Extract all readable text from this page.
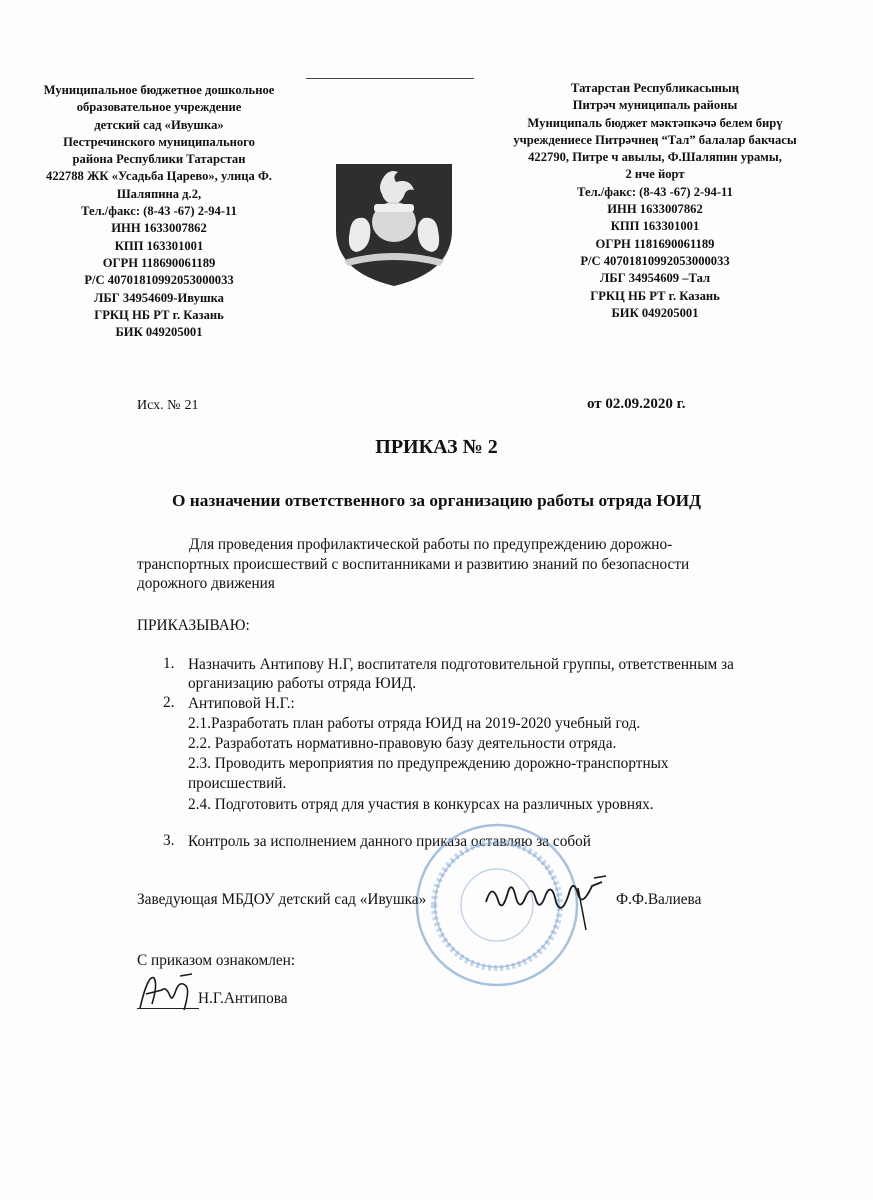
Муниципальное бюджетное дошкольное
образовательное учреждение
детский сад «Ивушка»
Пестречинского муниципального
района Республики Татарстан
422788 ЖК «Усадьба Царево», улица Ф.
Шаляпина д.2,
Тел./факс: (8-43 -67) 2-94-11
ИНН 1633007862
КПП 163301001
ОГРН 118690061189
Р/С 40701810992053000033
ЛБГ 34954609-Ивушка
ГРКЦ НБ РТ г. Казань
БИК 049205001
Татарстан Республикасының
Питрәч муниципаль районы
Муниципаль бюджет мәктәпкәчә белем бирү
учреждениесе Питрәчнең “Тал” балалар бакчасы
422790, Питре ч авылы, Ф.Шаляпин урамы,
2 нче йорт
Тел./факс: (8-43 -67) 2-94-11
ИНН 1633007862
КПП 163301001
ОГРН 1181690061189
Р/С 40701810992053000033
ЛБГ 34954609 –Тал
ГРКЦ НБ РТ г. Казань
БИК 049205001
Исх. № 21	от 02.09.2020 г.
ПРИКАЗ № 2
О назначении ответственного за организацию работы отряда ЮИД
Для проведения профилактической работы по предупреждению дорожно-
транспортных происшествий с воспитанниками и развитию знаний по безопасности
дорожного движения
ПРИКАЗЫВАЮ:
1. Назначить Антипову Н.Г, воспитателя подготовительной группы, ответственным за
организацию работы отряда ЮИД.
2. Антиповой Н.Г.:
2.1.Разработать план работы отряда ЮИД на 2019-2020 учебный год.
2.2. Разработать нормативно-правовую базу деятельности отряда.
2.3. Проводить мероприятия по предупреждению дорожно-транспортных
происшествий.
2.4. Подготовить отряд для участия в конкурсах на различных уровнях.
3. Контроль за исполнением данного приказа оставляю за собой
Заведующая МБДОУ детский сад «Ивушка»	Ф.Ф.Валиева
С приказом ознакомлен:
Н.Г.Антипова
